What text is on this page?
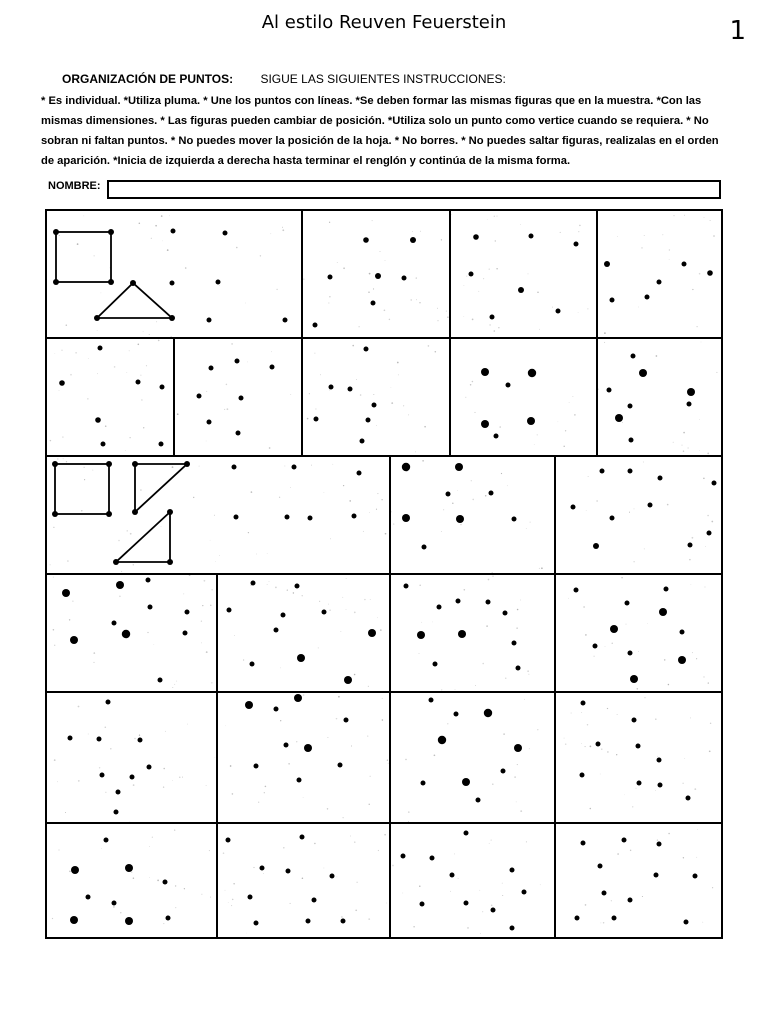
Al estilo Reuven Feuerstein	1
ORGANIZACIÓN DE PUNTOS: SIGUE LAS SIGUIENTES INSTRUCCIONES:
* Es individual. *Utiliza pluma. * Une los puntos con líneas. *Se deben formar las mismas figuras que en la muestra. *Con las mismas dimensiones. * Las figuras pueden cambiar de posición. *Utiliza solo un punto como vertice cuando se requiera. * No sobran ni faltan puntos. * No puedes mover la posición de la hoja. * No borres. * No puedes saltar figuras, realizalas en el orden de aparición. *Inicia de izquierda a derecha hasta terminar el renglón y continúa de la misma forma.
NOMBRE:
